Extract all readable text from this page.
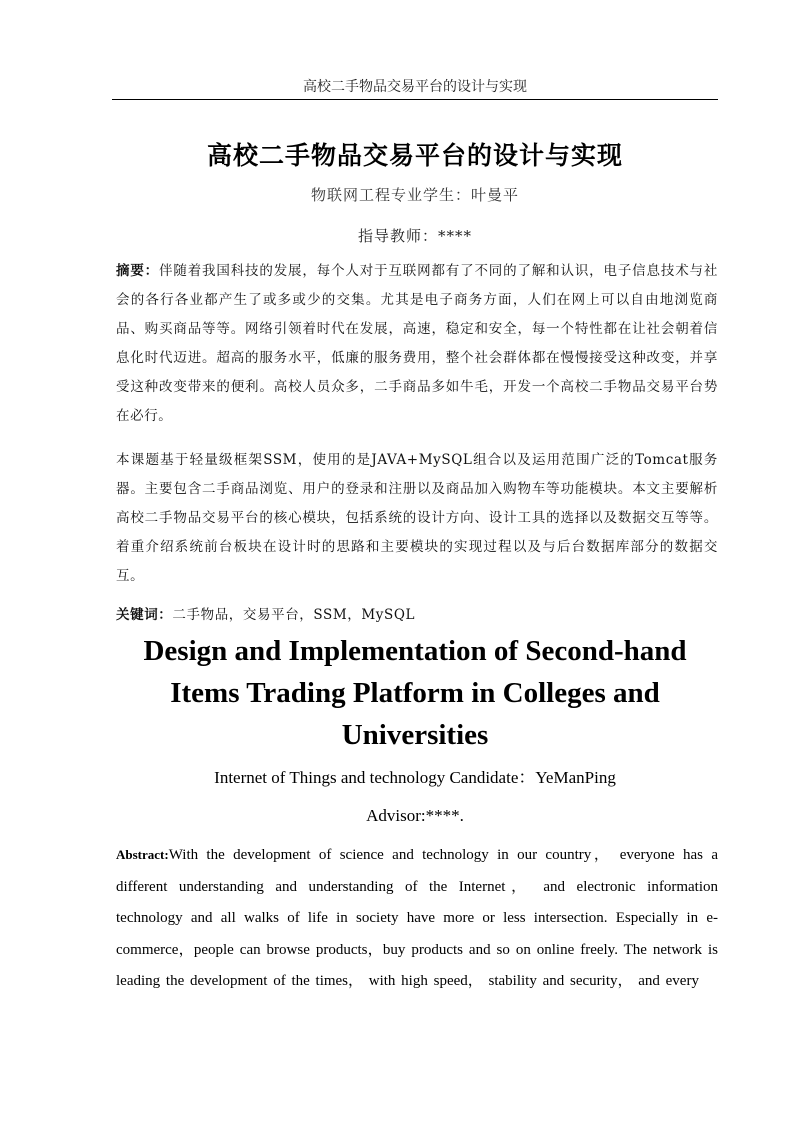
高校二手物品交易平台的设计与实现
高校二手物品交易平台的设计与实现
物联网工程专业学生：叶曼平
指导教师：****
摘要：伴随着我国科技的发展，每个人对于互联网都有了不同的了解和认识，电子信息技术与社会的各行各业都产生了或多或少的交集。尤其是电子商务方面，人们在网上可以自由地浏览商品、购买商品等等。网络引领着时代在发展，高速，稳定和安全，每一个特性都在让社会朝着信息化时代迈进。超高的服务水平，低廉的服务费用，整个社会群体都在慢慢接受这种改变，并享受这种改变带来的便利。高校人员众多，二手商品多如牛毛，开发一个高校二手物品交易平台势在必行。
本课题基于轻量级框架SSM，使用的是JAVA+MySQL组合以及运用范围广泛的Tomcat服务器。主要包含二手商品浏览、用户的登录和注册以及商品加入购物车等功能模块。本文主要解析高校二手物品交易平台的核心模块，包括系统的设计方向、设计工具的选择以及数据交互等等。着重介绍系统前台板块在设计时的思路和主要模块的实现过程以及与后台数据库部分的数据交互。
关键词：二手物品，交易平台，SSM，MySQL
Design and Implementation of Second-hand Items Trading Platform in Colleges and Universities
Internet of Things and technology Candidate：YeManPing
Advisor:****.
Abstract:With the development of science and technology in our country， everyone has a different understanding and understanding of the Internet， and electronic information technology and all walks of life in society have more or less intersection. Especially in e-commerce，people can browse products，buy products and so on online freely. The network is leading the development of the times， with high speed， stability and security， and every
